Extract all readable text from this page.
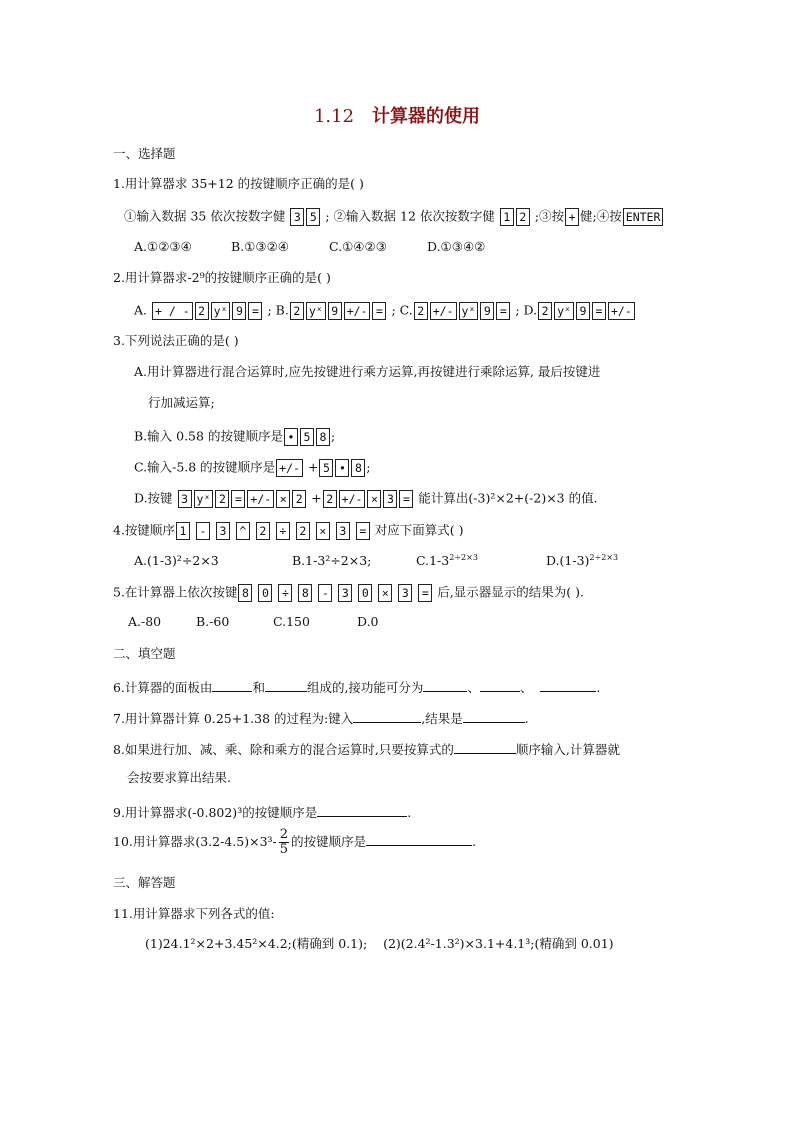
1.12 计算器的使用
一、选择题
1.用计算器求 35+12 的按键顺序正确的是( )
①输入数据 35 依次按数字健 3 5 ; ②输入数据 12 依次按数字健 1 2 ;③按 + 健;④按 ENTER
A.①②③④	B.①③②④	C.①④②③	D.①③④②
2.用计算器求-2⁹的按键顺序正确的是( )
A. + / - 2 yˣ 9 = ; B. 2 yˣ 9 +/- = ; C. 2 +/- yˣ 9 = ; D. 2 yˣ 9 = +/-
3.下列说法正确的是( )
A.用计算器进行混合运算时,应先按键进行乘方运算,再按键进行乘除运算, 最后按键进
行加减运算;
B.输入 0.58 的按键顺序是 • 5 8 ;
C.输入-5.8 的按键顺序是 +/- + 5 • 8 ;
D.按键 3 yˣ 2 = +/- × 2 + 2 +/- × 3 = 能计算出(-3)²×2+(-2)×3 的值.
4.按键顺序 1 - 3 ^ 2 ÷ 2 × 3 = 对应下面算式( )
A.(1-3)²÷2×3	B.1-3²÷2×3;	$C.1-3^{2\div 2\times 3}$	$D.(1-3)^{2\div 2\times 3}$
5.在计算器上依次按键 8 0 ÷ 8 - 3 0 × 3 = 后,显示器显示的结果为( ).
A.-80	B.-60	C.150	D.0
二、填空题
6.计算器的面板由	和	组成的,接功能可分为	、	、	.
7.用计算器计算 0.25+1.38 的过程为:键入	,结果是	.
8.如果进行加、减、乘、除和乘方的混合运算时,只要按算式的	顺序输入,计算器就
会按要求算出结果.
9.用计算器求(-0.802)³的按键顺序是	.
10.用计算器求$(3.2-4.5)\times 3^3- \frac{2}{5}$ 的按键顺序是	.
三、解答题
11.用计算器求下列各式的值:
(1)24.1²×2+3.45²×4.2;(精确到 0.1); (2)(2.4²-1.3²)×3.1+4.1³;(精确到 0.01)
